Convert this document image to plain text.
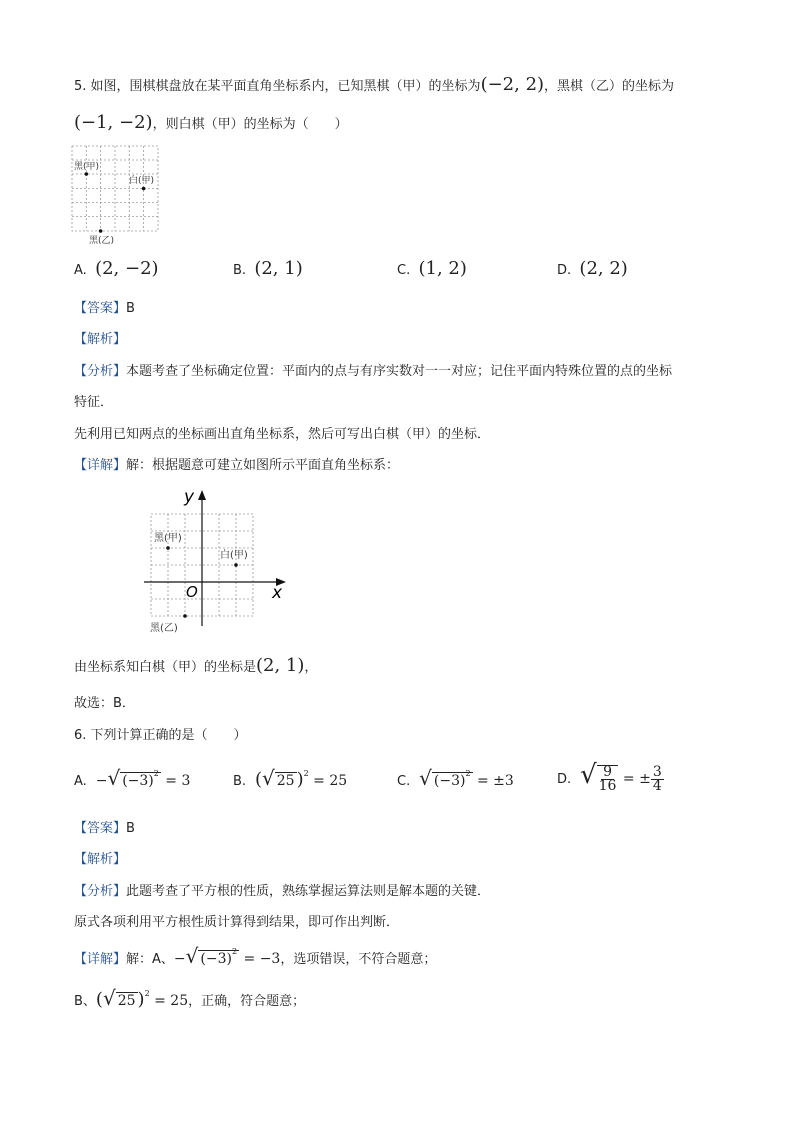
5. 如图，围棋棋盘放在某平面直角坐标系内，已知黑棋（甲）的坐标为(−2, 2)，黑棋（乙）的坐标为
(−1, −2)，则白棋（甲）的坐标为（　　）
黑(甲)
白(甲)
黑(乙)
A. (2, −2)	B. (2, 1)	C. (1, 2)	D. (2, 2)
【答案】B
【解析】
【分析】本题考查了坐标确定位置：平面内的点与有序实数对一一对应；记住平面内特殊位置的点的坐标
特征．
先利用已知两点的坐标画出直角坐标系，然后可写出白棋（甲）的坐标．
【详解】解：根据题意可建立如图所示平面直角坐标系：
x
y
O
黑(甲)
白(甲)
黑(乙)
由坐标系知白棋（甲）的坐标是(2, 1)，
故选：B．
6. 下列计算正确的是（　　）
A. −√ $(-3)^2 = 3$	B. (√ 25 )$^2$ = 25	C. √ $(-3)^2 = \pm 3$	D. √ $\frac{9}{16}$ = ± $\frac{3}{4}$
【答案】B
【解析】
【分析】此题考查了平方根的性质，熟练掌握运算法则是解本题的关键．
原式各项利用平方根性质计算得到结果，即可作出判断．
【详解】解：A、−√ $(-3)^2 = -3$，选项错误，不符合题意；
B、(√ 25 )$^2$ = 25，正确，符合题意；
